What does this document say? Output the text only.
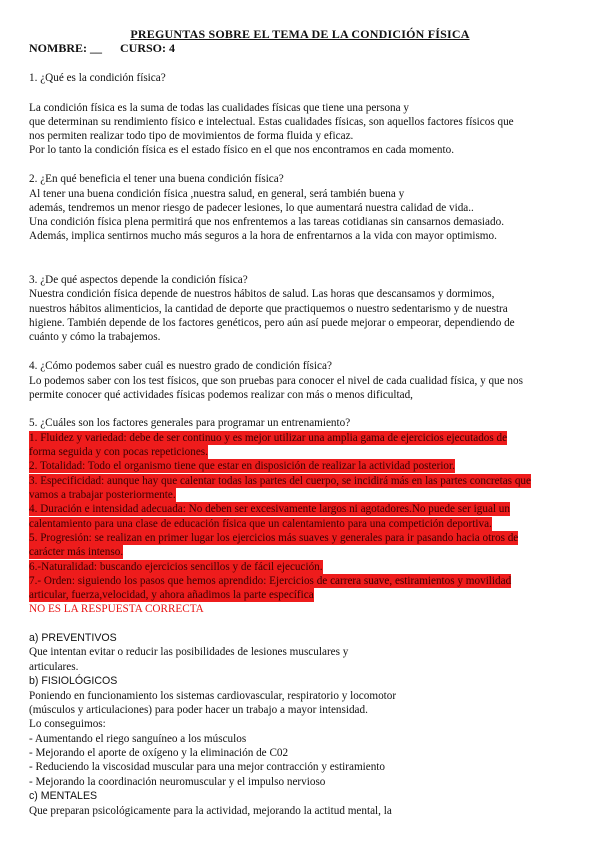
PREGUNTAS SOBRE EL TEMA DE LA CONDICIÓN FÍSICA
NOMBRE: __ CURSO: 4
1. ¿Qué es la condición física?
La condición física es la suma de todas las cualidades físicas que tiene una persona y
que determinan su rendimiento físico e intelectual. Estas cualidades físicas, son aquellos factores físicos que
nos permiten realizar todo tipo de movimientos de forma fluida y eficaz.
Por lo tanto la condición física es el estado físico en el que nos encontramos en cada momento.
2. ¿En qué beneficia el tener una buena condición física?
Al tener una buena condición física ,nuestra salud, en general, será también buena y
además, tendremos un menor riesgo de padecer lesiones, lo que aumentará nuestra calidad de vida..
Una condición física plena permitirá que nos enfrentemos a las tareas cotidianas sin cansarnos demasiado.
Además, implica sentirnos mucho más seguros a la hora de enfrentarnos a la vida con mayor optimismo.
3. ¿De qué aspectos depende la condición física?
Nuestra condición física depende de nuestros hábitos de salud. Las horas que descansamos y dormimos,
nuestros hábitos alimenticios, la cantidad de deporte que practiquemos o nuestro sedentarismo y de nuestra
higiene. También depende de los factores genéticos, pero aún así puede mejorar o empeorar, dependiendo de
cuánto y cómo la trabajemos.
4. ¿Cómo podemos saber cuál es nuestro grado de condición física?
Lo podemos saber con los test físicos, que son pruebas para conocer el nivel de cada cualidad física, y que nos
permite conocer qué actividades físicas podemos realizar con más o menos dificultad,
5. ¿Cuáles son los factores generales para programar un entrenamiento?
1. Fluidez y variedad: debe de ser continuo y es mejor utilizar una amplia gama de ejercicios ejecutados de
forma seguida y con pocas repeticiones.
2. Totalidad: Todo el organismo tiene que estar en disposición de realizar la actividad posterior.
3. Especificidad: aunque hay que calentar todas las partes del cuerpo, se incidirá más en las partes concretas que
vamos a trabajar posteriormente.
4. Duración e intensidad adecuada: No deben ser excesivamente largos ni agotadores.No puede ser igual un
calentamiento para una clase de educación física que un calentamiento para una competición deportiva.
5. Progresión: se realizan en primer lugar los ejercicios más suaves y generales para ir pasando hacia otros de
carácter más intenso.
6.-Naturalidad: buscando ejercicios sencillos y de fácil ejecución.
7.- Orden: siguiendo los pasos que hemos aprendido: Ejercicios de carrera suave, estiramientos y movilidad
articular, fuerza,velocidad, y ahora añadimos la parte específica
NO ES LA RESPUESTA CORRECTA
a) PREVENTIVOS
Que intentan evitar o reducir las posibilidades de lesiones musculares y
articulares.
b) FISIOLÓGICOS
Poniendo en funcionamiento los sistemas cardiovascular, respiratorio y locomotor
(músculos y articulaciones) para poder hacer un trabajo a mayor intensidad.
Lo conseguimos:
- Aumentando el riego sanguíneo a los músculos
- Mejorando el aporte de oxígeno y la eliminación de C02
- Reduciendo la viscosidad muscular para una mejor contracción y estiramiento
- Mejorando la coordinación neuromuscular y el impulso nervioso
c) MENTALES
Que preparan psicológicamente para la actividad, mejorando la actitud mental, la
